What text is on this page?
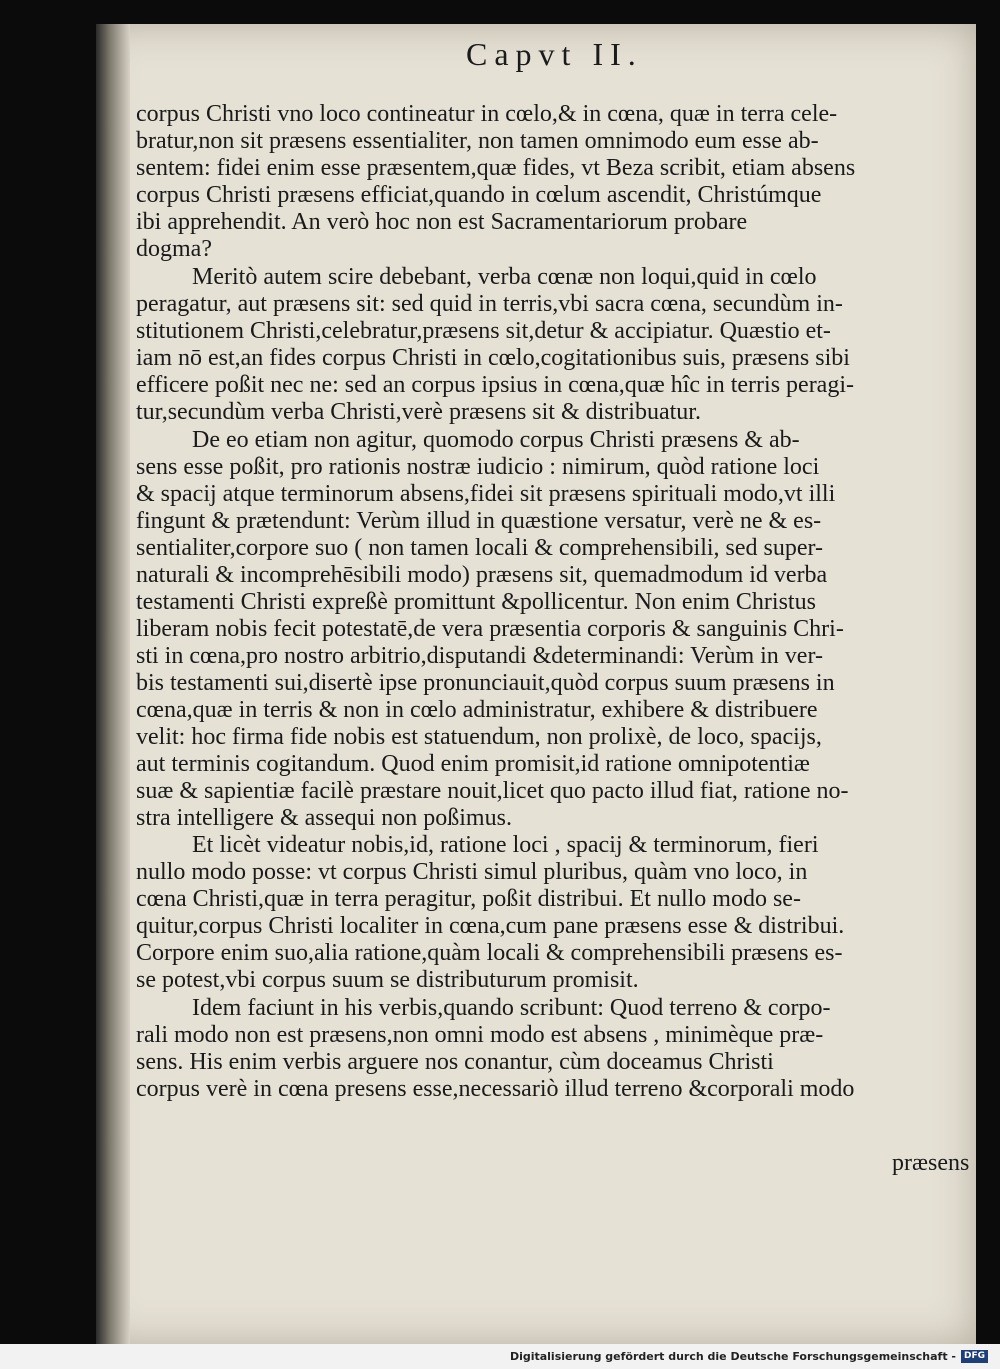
Capvt II.
corpus Christi vno loco contineatur in cœlo,& in cœna, quæ in terra cele-
bratur,non sit præsens essentialiter, non tamen omnimodo eum esse ab-
sentem: fidei enim esse præsentem,quæ fides, vt Beza scribit, etiam absens
corpus Christi præsens efficiat,quando in cœlum ascendit, Christúmque
ibi apprehendit. An verò hoc non est Sacramentariorum probare
dogma?
Meritò autem scire debebant, verba cœnæ non loqui,quid in cœlo
peragatur, aut præsens sit: sed quid in terris,vbi sacra cœna, secundùm in-
stitutionem Christi,celebratur,præsens sit,detur & accipiatur. Quæstio et-
iam nō est,an fides corpus Christi in cœlo,cogitationibus suis, præsens sibi
efficere poßit nec ne: sed an corpus ipsius in cœna,quæ hîc in terris peragi-
tur,secundùm verba Christi,verè præsens sit & distribuatur.
De eo etiam non agitur, quomodo corpus Christi præsens & ab-
sens esse poßit, pro rationis nostræ iudicio : nimirum, quòd ratione loci
& spacij atque terminorum absens,fidei sit præsens spirituali modo,vt illi
fingunt & prætendunt: Verùm illud in quæstione versatur, verè ne & es-
sentialiter,corpore suo ( non tamen locali & comprehensibili, sed super-
naturali & incomprehēsibili modo) præsens sit, quemadmodum id verba
testamenti Christi expreßè promittunt &pollicentur. Non enim Christus
liberam nobis fecit potestatē,de vera præsentia corporis & sanguinis Chri-
sti in cœna,pro nostro arbitrio,disputandi &determinandi: Verùm in ver-
bis testamenti sui,disertè ipse pronunciauit,quòd corpus suum præsens in
cœna,quæ in terris & non in cœlo administratur, exhibere & distribuere
velit: hoc firma fide nobis est statuendum, non prolixè, de loco, spacijs,
aut terminis cogitandum. Quod enim promisit,id ratione omnipotentiæ
suæ & sapientiæ facilè præstare nouit,licet quo pacto illud fiat, ratione no-
stra intelligere & assequi non poßimus.
Et licèt videatur nobis,id, ratione loci , spacij & terminorum, fieri
nullo modo posse: vt corpus Christi simul pluribus, quàm vno loco, in
cœna Christi,quæ in terra peragitur, poßit distribui. Et nullo modo se-
quitur,corpus Christi localiter in cœna,cum pane præsens esse & distribui.
Corpore enim suo,alia ratione,quàm locali & comprehensibili præsens es-
se potest,vbi corpus suum se distributurum promisit.
Idem faciunt in his verbis,quando scribunt: Quod terreno & corpo-
rali modo non est præsens,non omni modo est absens , minimèque præ-
sens. His enim verbis arguere nos conantur, cùm doceamus Christi
corpus verè in cœna presens esse,necessariò illud terreno &corporali modo
præsens
Digitalisierung gefördert durch die Deutsche Forschungsgemeinschaft - DFG
